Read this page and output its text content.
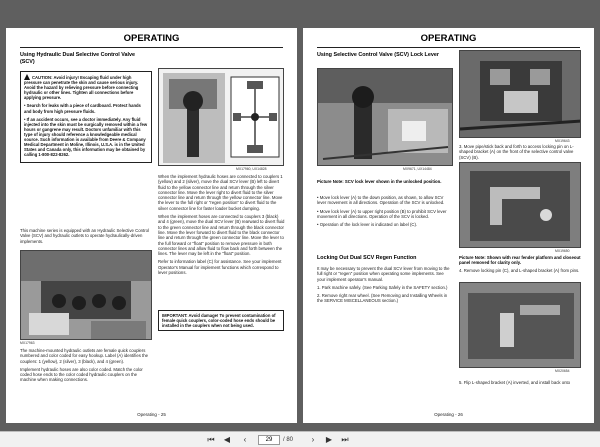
OPERATING
Using Hydraulic Dual Selective Control Valve (SCV)

CAUTION: Avoid injury! Escaping fluid under high pressure can penetrate the skin and cause serious injury. Avoid the hazard by relieving pressure before connecting hydraulic or other lines. Tighten all connections before applying pressure.

• Search for leaks with a piece of cardboard. Protect hands and body from high pressure fluids.

• If an accident occurs, see a doctor immediately. Any fluid injected into the skin must be surgically removed within a few hours or gangrene may result. Doctors unfamiliar with this type of injury should reference a knowledgeable medical source. Such information is available from Deere & Company Medical Department in Moline, Illinois, U.S.A. is in the United States and Canada only, this information may be obtained by calling 1-800-822-8262.

This machine series is equipped with an Hydraulic Selective Control Valve (SCV) and hydraulic outlets to operate hydraulically-driven implements.
MX17963

The machine-mounted hydraulic outlets are female quick couplers numbered and color coded for easy hookup. Label (A) identifies the couplers: 1 (yellow), 2 (silver), 3 (black), and 4 (green).

Implement hydraulic hoses are also color coded. Match the color coded hose ends to the color coded hydraulic couplers on the machine when making connections.

MX17960, UX14828

When the implement hydraulic hoses are connected to couplers 1 (yellow) and 2 (silver), move the dual SCV lever (B) left to divert fluid to the yellow connector line and return through the silver connector line. Move the lever right to divert fluid to the silver connector line and return through the yellow connector line. Move the lever to the full right or "regen position" to divert fluid to the silver connector line for faster loader bucket dumping.

When the implement hoses are connected to couplers 3 (black) and 4 (green), move the dual SCV lever (B) rearward to divert fluid to the green connector line and return through the black connector line. Move the lever forward to divert fluid to the black connector line and return through the green connector line. Move the lever to the full forward or "float" position to remove pressure in both connector lines and allow fluid to flow back and forth between the lines. The lever may be left in the "float" position.

Refer to information label (C) for assistance. See your implement Operator's Manual for implement functions which correspond to lever positions.

IMPORTANT: Avoid damage! To prevent contamination of female quick couplers, color-coded hose ends should be installed in the couplers when not being used.
Operating - 25
OPERATING
Using Selective Control Valve (SCV) Lock Lever
MX9671, UX14484
Picture Note: SCV lock lever shown in the unlocked position.

• Move lock lever (A) to the down position, as shown, to allow SCV lever movement in all directions. Operation of the SCV is unlocked.

• Move lock lever (A) to upper right position (B) to prohibit SCV lever movement in all directions. Operation of the SCV is locked.

• Operation of the lock lever is indicated on label (C).

Locking Out Dual SCV Regen Function

It may be necessary to prevent the dual SCV lever from moving to the full right or "regen" position when operating some implements. See your implement operator's manual.

1. Park machine safely. (See Parking Safely in the SAFETY section.)

2. Remove right rear wheel. (See Removing and Installing Wheels in the SERVICE MISCELLANEOUS section.)

MX19643
3. Move pipe/stick back and forth to access locking pin on L-shaped bracket (A) on the front of the selective control valve (SCV) (B).
MX19650
Picture Note: Shown with rear fender platform and closeout panel removed for clarity only.
4. Remove locking pin (C), and L-shaped bracket (A) from pins.
MX20654
5. Flip L-shaped bracket (A) inverted, and install back onto
Operating - 26
⏮ ◀	‹	29	/ 80	›	▶ ⏭
